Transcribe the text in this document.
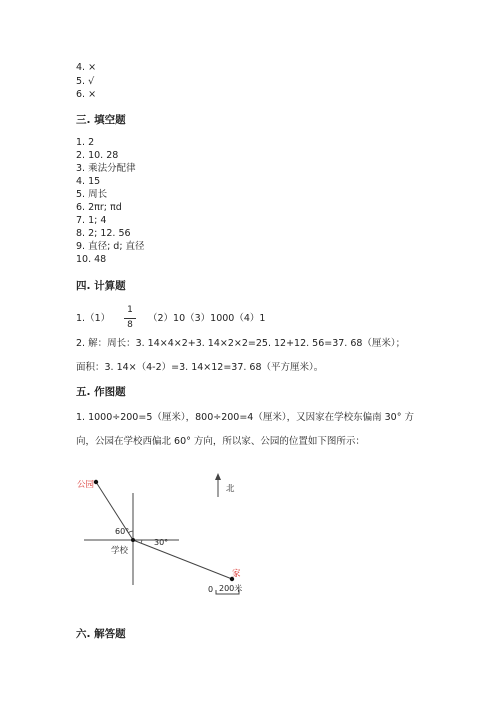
4. ×
5. √
6. ×
三. 填空题
1. 2
2. 10. 28
3. 乘法分配律
4. 15
5. 周长
6. 2πr; πd
7. 1; 4
8. 2; 12. 56
9. 直径; d; 直径
10. 48
四. 计算题
1.（1）
1
8
（2）10（3）1000（4）1
2. 解：周长：3. 14×4×2+3. 14×2×2=25. 12+12. 56=37. 68（厘米）；
面积：3. 14×（4-2）=3. 14×12=37. 68（平方厘米）。
五. 作图题
1. 1000÷200=5（厘米），800÷200=4（厘米），又因家在学校东偏南 30° 方
向，公园在学校西偏北 60° 方向，所以家、公园的位置如下图所示：
公园	北
60°
30°
学校
家
0 200米
六. 解答题
